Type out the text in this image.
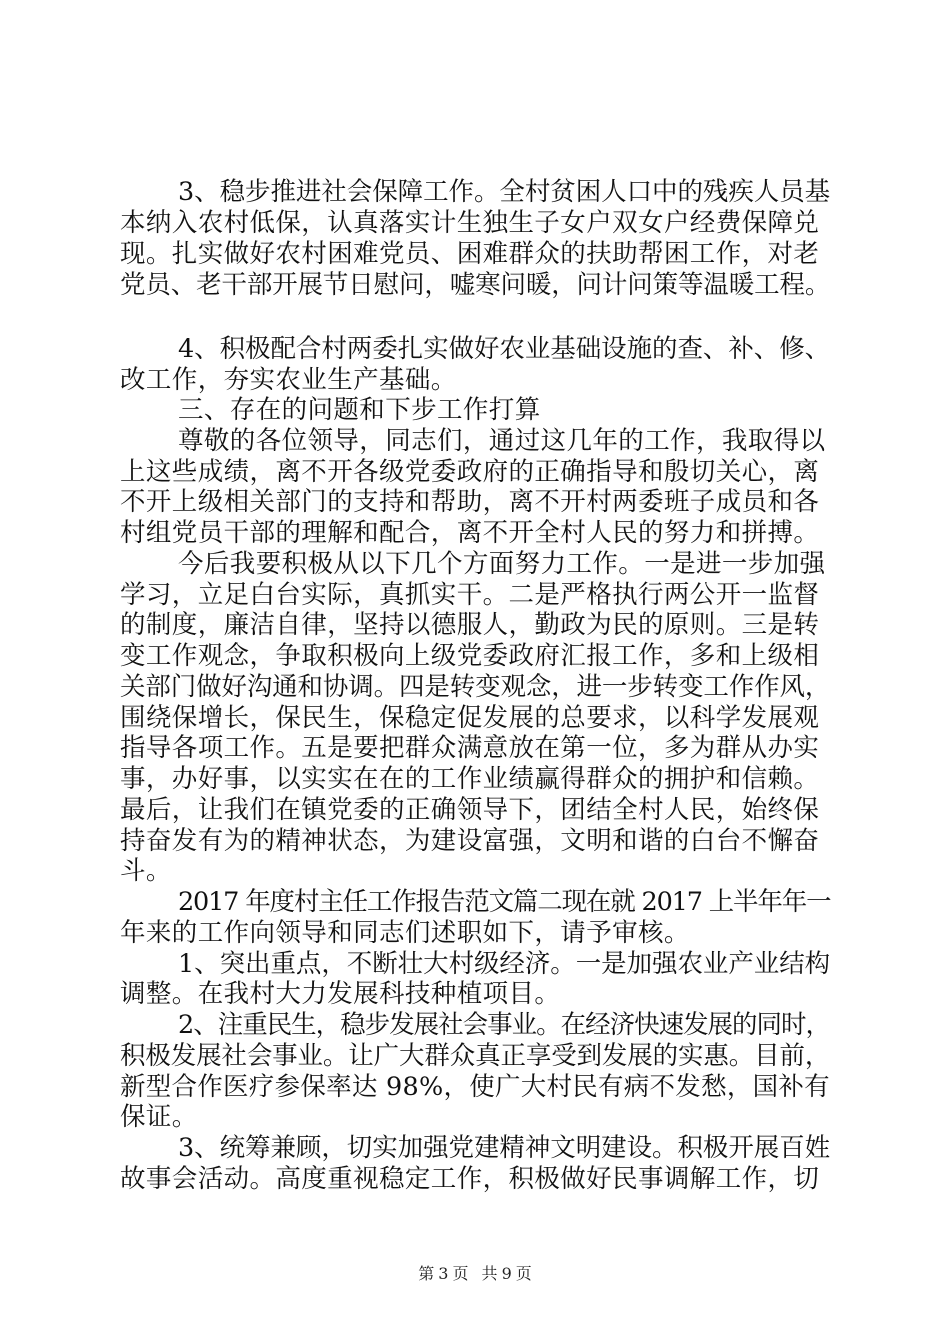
3、稳步推进社会保障工作。全村贫困人口中的残疾人员基
本纳入农村低保，认真落实计生独生子女户双女户经费保障兑
现。扎实做好农村困难党员、困难群众的扶助帮困工作，对老
党员、老干部开展节日慰问，嘘寒问暖，问计问策等温暖工程。
4、积极配合村两委扎实做好农业基础设施的查、补、修、
改工作，夯实农业生产基础。
三、存在的问题和下步工作打算
尊敬的各位领导，同志们，通过这几年的工作，我取得以
上这些成绩，离不开各级党委政府的正确指导和殷切关心，离
不开上级相关部门的支持和帮助，离不开村两委班子成员和各
村组党员干部的理解和配合，离不开全村人民的努力和拼搏。
今后我要积极从以下几个方面努力工作。一是进一步加强
学习，立足白台实际，真抓实干。二是严格执行两公开一监督
的制度，廉洁自律，坚持以德服人，勤政为民的原则。三是转
变工作观念，争取积极向上级党委政府汇报工作，多和上级相
关部门做好沟通和协调。四是转变观念，进一步转变工作作风，
围绕保增长，保民生，保稳定促发展的总要求，以科学发展观
指导各项工作。五是要把群众满意放在第一位，多为群从办实
事，办好事，以实实在在的工作业绩赢得群众的拥护和信赖。
最后，让我们在镇党委的正确领导下，团结全村人民，始终保
持奋发有为的精神状态，为建设富强，文明和谐的白台不懈奋
斗。
2017 年度村主任工作报告范文篇二现在就 2017 上半年年一
年来的工作向领导和同志们述职如下，请予审核。
1、突出重点，不断壮大村级经济。一是加强农业产业结构
调整。在我村大力发展科技种植项目。
2、注重民生，稳步发展社会事业。在经济快速发展的同时，
积极发展社会事业。让广大群众真正享受到发展的实惠。目前，
新型合作医疗参保率达 98%，使广大村民有病不发愁，国补有
保证。
3、统筹兼顾，切实加强党建精神文明建设。积极开展百姓
故事会活动。高度重视稳定工作，积极做好民事调解工作，切
第 3 页 共 9 页
